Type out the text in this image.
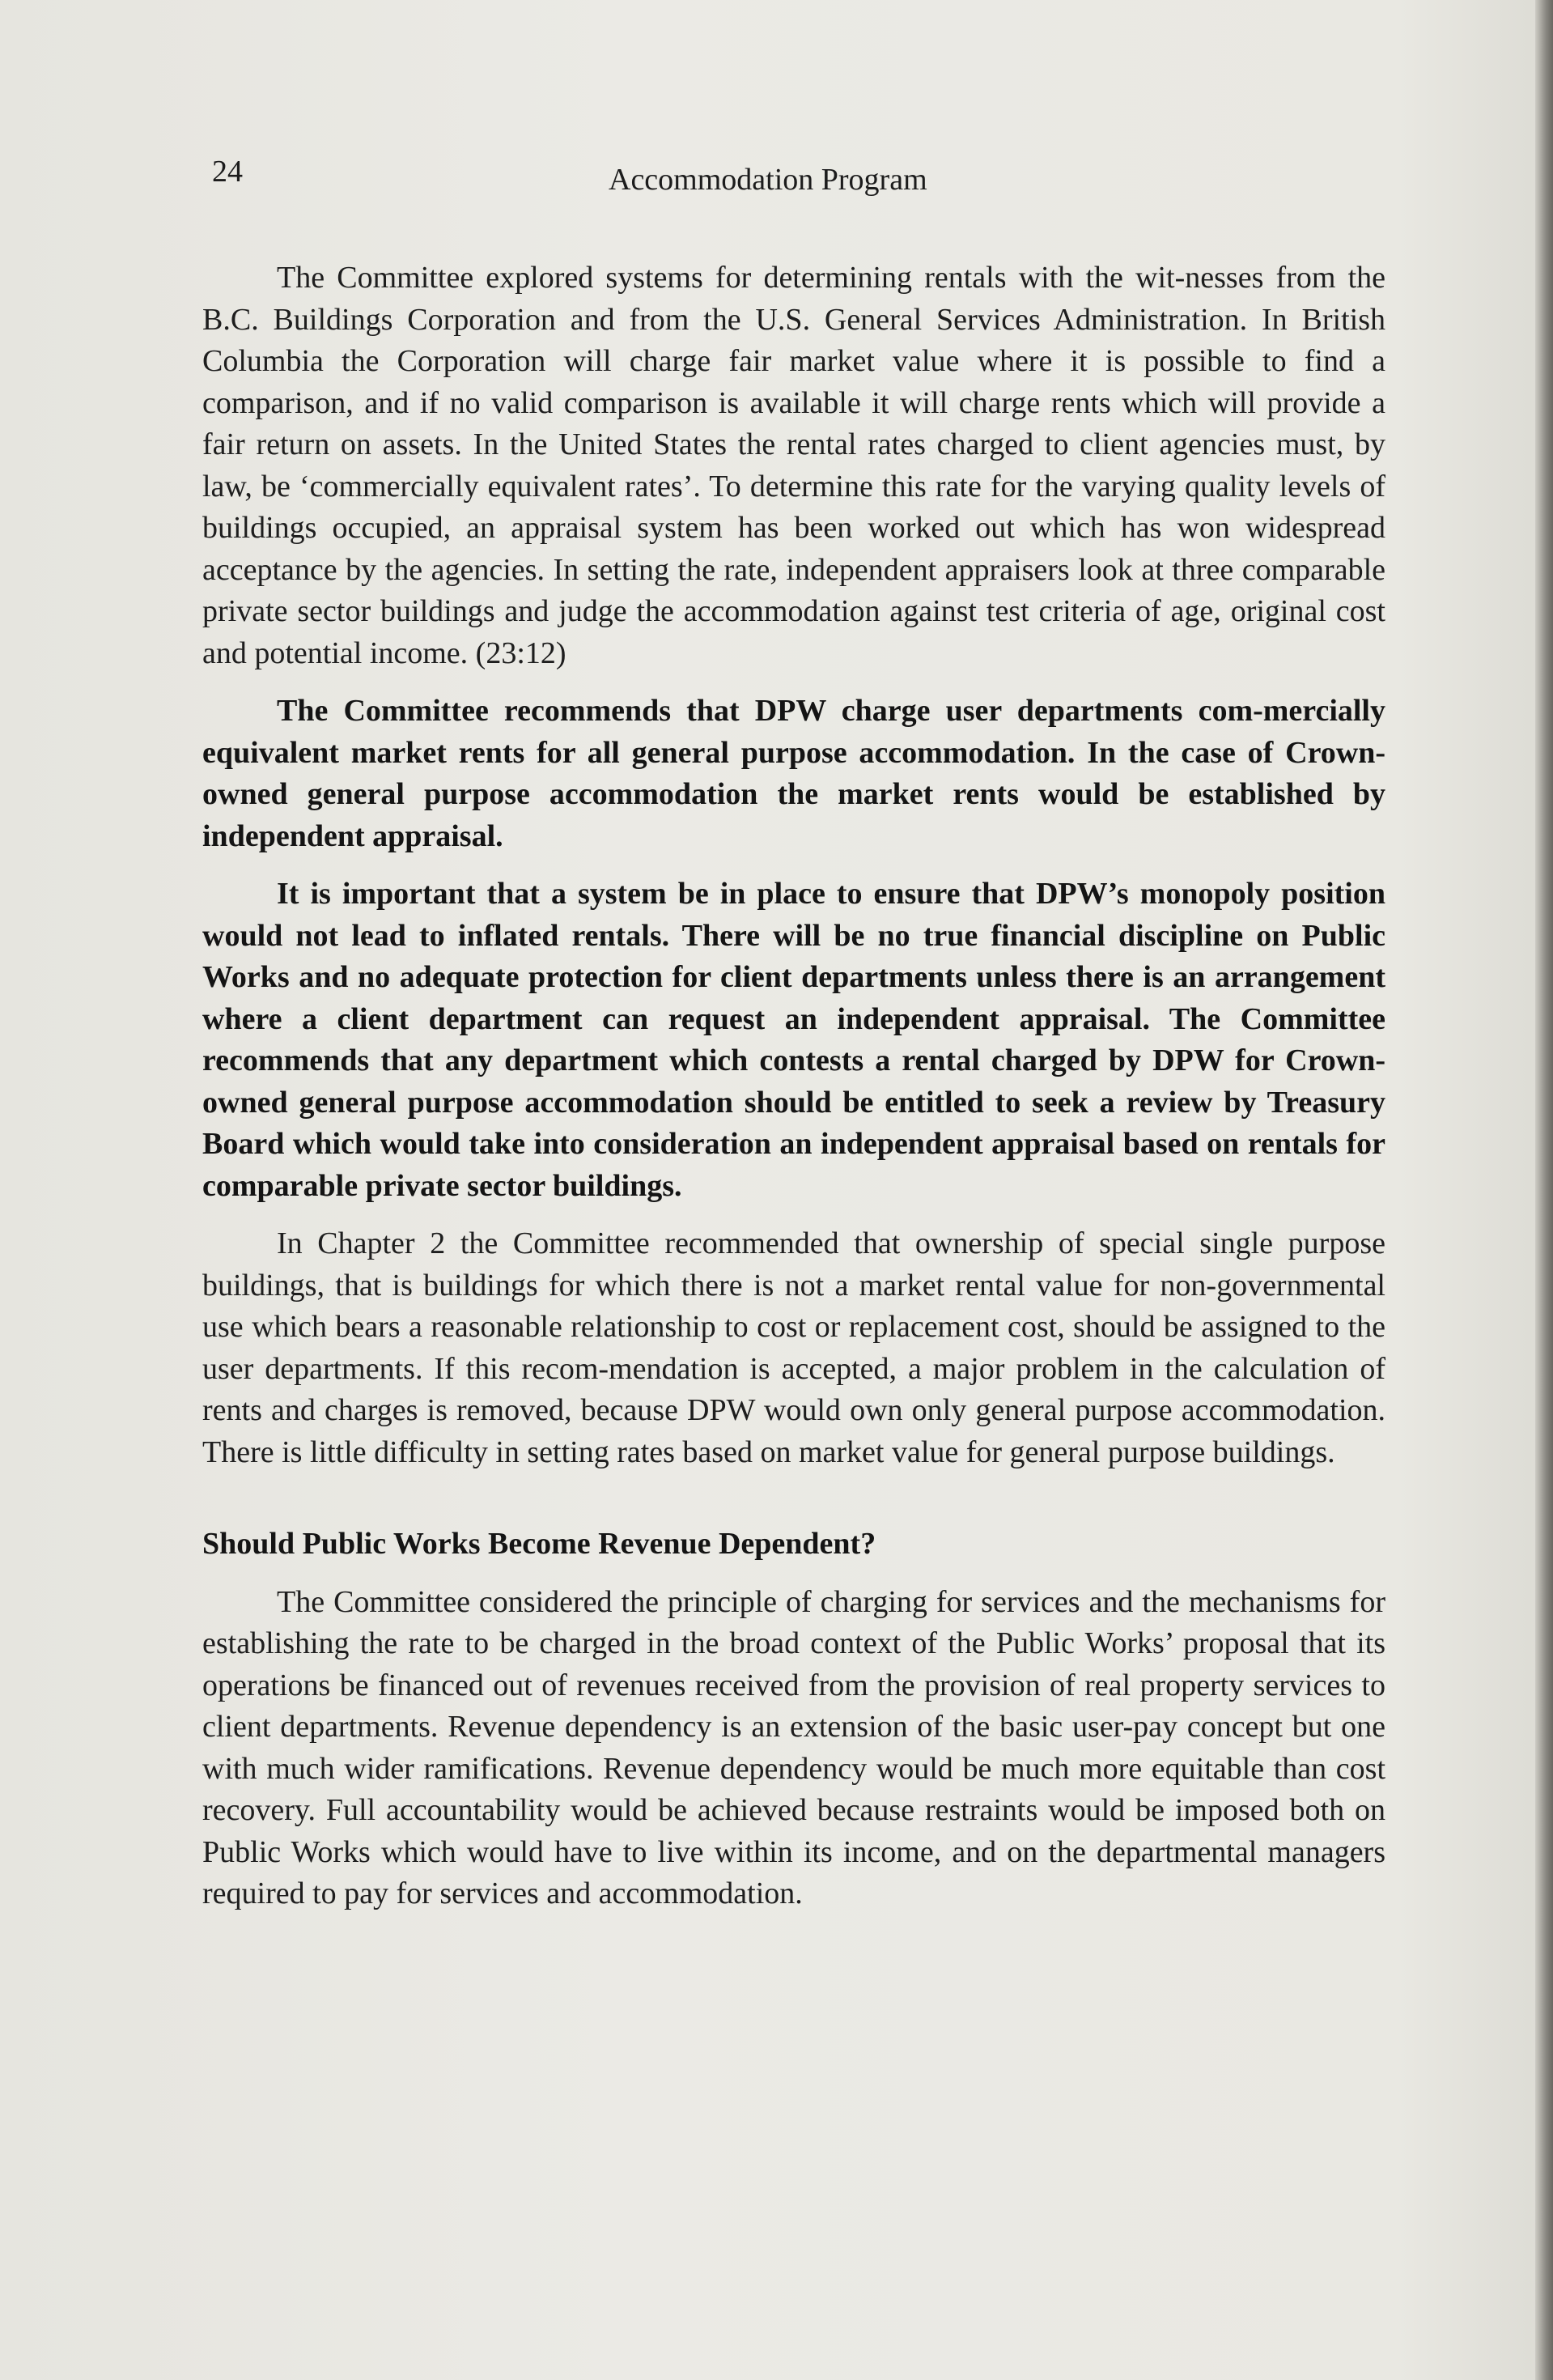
24	Accommodation Program

The Committee explored systems for determining rentals with the wit-nesses from the B.C. Buildings Corporation and from the U.S. General Services Administration. In British Columbia the Corporation will charge fair market value where it is possible to find a comparison, and if no valid comparison is available it will charge rents which will provide a fair return on assets. In the United States the rental rates charged to client agencies must, by law, be ‘commercially equivalent rates’. To determine this rate for the varying quality levels of buildings occupied, an appraisal system has been worked out which has won widespread acceptance by the agencies. In setting the rate, independent appraisers look at three comparable private sector buildings and judge the accommodation against test criteria of age, original cost and potential income. (23:12)

The Committee recommends that DPW charge user departments com-mercially equivalent market rents for all general purpose accommodation. In the case of Crown-owned general purpose accommodation the market rents would be established by independent appraisal.

It is important that a system be in place to ensure that DPW’s monopoly position would not lead to inflated rentals. There will be no true financial discipline on Public Works and no adequate protection for client departments unless there is an arrangement where a client department can request an independent appraisal. The Committee recommends that any department which contests a rental charged by DPW for Crown-owned general purpose accommodation should be entitled to seek a review by Treasury Board which would take into consideration an independent appraisal based on rentals for comparable private sector buildings.

In Chapter 2 the Committee recommended that ownership of special single purpose buildings, that is buildings for which there is not a market rental value for non-governmental use which bears a reasonable relationship to cost or replacement cost, should be assigned to the user departments. If this recom-mendation is accepted, a major problem in the calculation of rents and charges is removed, because DPW would own only general purpose accommodation. There is little difficulty in setting rates based on market value for general purpose buildings.

Should Public Works Become Revenue Dependent?

The Committee considered the principle of charging for services and the mechanisms for establishing the rate to be charged in the broad context of the Public Works’ proposal that its operations be financed out of revenues received from the provision of real property services to client departments. Revenue dependency is an extension of the basic user-pay concept but one with much wider ramifications. Revenue dependency would be much more equitable than cost recovery. Full accountability would be achieved because restraints would be imposed both on Public Works which would have to live within its income, and on the departmental managers required to pay for services and accommodation.
